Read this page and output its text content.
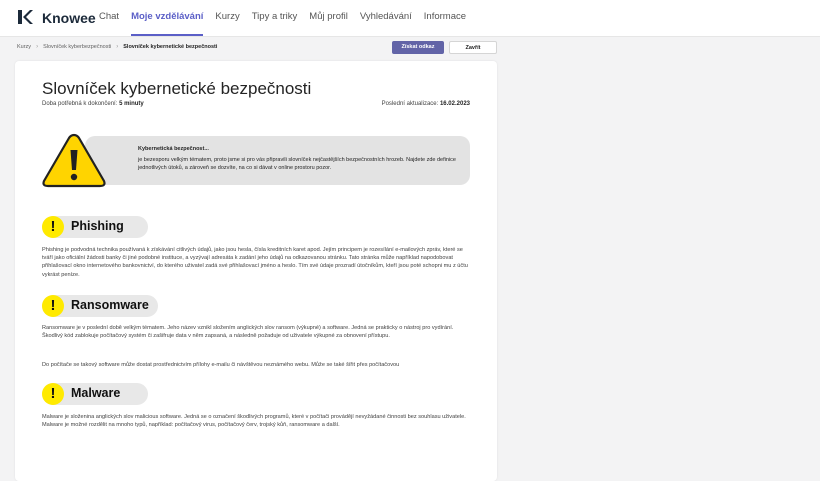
Knowee Chat Moje vzdělávání Kurzy Tipy a triky Můj profil Vyhledávání Informace
Kurzy › Slovníček kyberbezpečnosti › Slovníček kybernetické bezpečnosti	Získat odkaz	Zavřít
Slovníček kybernetické bezpečnosti
Doba potřebná k dokončení: 5 minuty	Poslední aktualizace: 16.02.2023
Kybernetická bezpečnost...
je bezesporu velkým tématem, proto jsme si pro vás připravili slovníček nejčastějších bezpečnostních hrozeb. Najdete zde definice jednotlivých útoků, a zároveň se dozvíte, na co si dávat v online prostoru pozor.
!	Phishing
Phishing je podvodná technika používaná k získávání citlivých údajů, jako jsou hesla, čísla kreditních karet apod. Jejím principem je rozesílání e-mailových zpráv, které se tváří jako oficiální žádosti banky či jiné podobné instituce, a vyzývají adresáta k zadání jeho údajů na odkazovanou stránku. Tato stránka může například napodobovat přihlašovací okno internetového bankovnictví, do kterého uživatel zadá své přihlašovací jméno a heslo. Tím své údaje prozradí útočníkům, kteří jsou poté schopni mu z účtu vykrást peníze.
!	Ransomware
Ransomware je v poslední době velkým tématem. Jeho název vznikl složením anglických slov ransom (výkupné) a software. Jedná se prakticky o nástroj pro vydírání. Škodlivý kód zablokuje počítačový systém či zašifruje data v něm zapsaná, a následně požaduje od uživatele výkupné za obnovení přístupu.
Do počítače se takový software může dostat prostřednictvím přílohy e-mailu či návštěvou neznámého webu. Může se také šířit přes počítačovou
!	Malware
Malware je složenina anglických slov malicious software. Jedná se o označení škodlivých programů, které v počítači provádějí nevyžádané činnosti bez souhlasu uživatele. Malware je možné rozdělit na mnoho typů, například: počítačový virus, počítačový červ, trojský kůň, ransomware a další.
